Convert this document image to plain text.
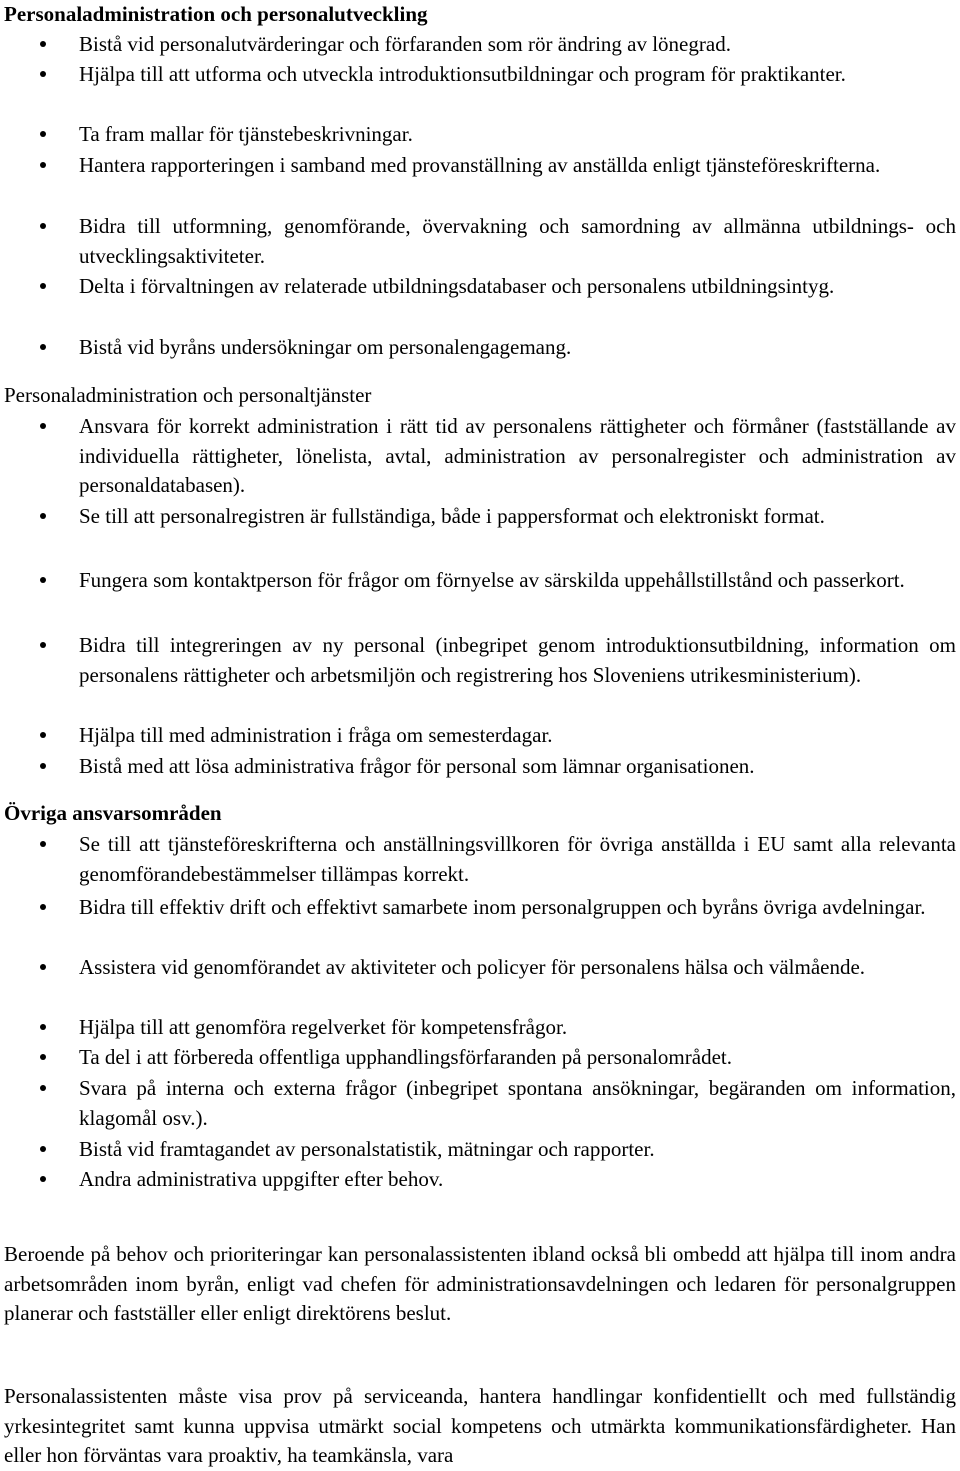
Personaladministration och personalutveckling
Bistå vid personalutvärderingar och förfaranden som rör ändring av lönegrad.
Hjälpa till att utforma och utveckla introduktionsutbildningar och program för praktikanter.
Ta fram mallar för tjänstebeskrivningar.
Hantera rapporteringen i samband med provanställning av anställda enligt tjänsteföreskrifterna.
Bidra till utformning, genomförande, övervakning och samordning av allmänna utbildnings- och utvecklingsaktiviteter.
Delta i förvaltningen av relaterade utbildningsdatabaser och personalens utbildningsintyg.
Bistå vid byråns undersökningar om personalengagemang.
Personaladministration och personaltjänster
Ansvara för korrekt administration i rätt tid av personalens rättigheter och förmåner (fastställande av individuella rättigheter, lönelista, avtal, administration av personalregister och administration av personaldatabasen).
Se till att personalregistren är fullständiga, både i pappersformat och elektroniskt format.
Fungera som kontaktperson för frågor om förnyelse av särskilda uppehållstillstånd och passerkort.
Bidra till integreringen av ny personal (inbegripet genom introduktionsutbildning, information om personalens rättigheter och arbetsmiljön och registrering hos Sloveniens utrikesministerium).
Hjälpa till med administration i fråga om semesterdagar.
Bistå med att lösa administrativa frågor för personal som lämnar organisationen.
Övriga ansvarsområden
Se till att tjänsteföreskrifterna och anställningsvillkoren för övriga anställda i EU samt alla relevanta genomförandebestämmelser tillämpas korrekt.
Bidra till effektiv drift och effektivt samarbete inom personalgruppen och byråns övriga avdelningar.
Assistera vid genomförandet av aktiviteter och policyer för personalens hälsa och välmående.
Hjälpa till att genomföra regelverket för kompetensfrågor.
Ta del i att förbereda offentliga upphandlingsförfaranden på personalområdet.
Svara på interna och externa frågor (inbegripet spontana ansökningar, begäranden om information, klagomål osv.).
Bistå vid framtagandet av personalstatistik, mätningar och rapporter.
Andra administrativa uppgifter efter behov.

Beroende på behov och prioriteringar kan personalassistenten ibland också bli ombedd att hjälpa till inom andra arbetsområden inom byrån, enligt vad chefen för administrationsavdelningen och ledaren för personalgruppen planerar och fastställer eller enligt direktörens beslut.

Personalassistenten måste visa prov på serviceanda, hantera handlingar konfidentiellt och med fullständig yrkesintegritet samt kunna uppvisa utmärkt social kompetens och utmärkta kommunikationsfärdigheter. Han eller hon förväntas vara proaktiv, ha teamkänsla, vara
